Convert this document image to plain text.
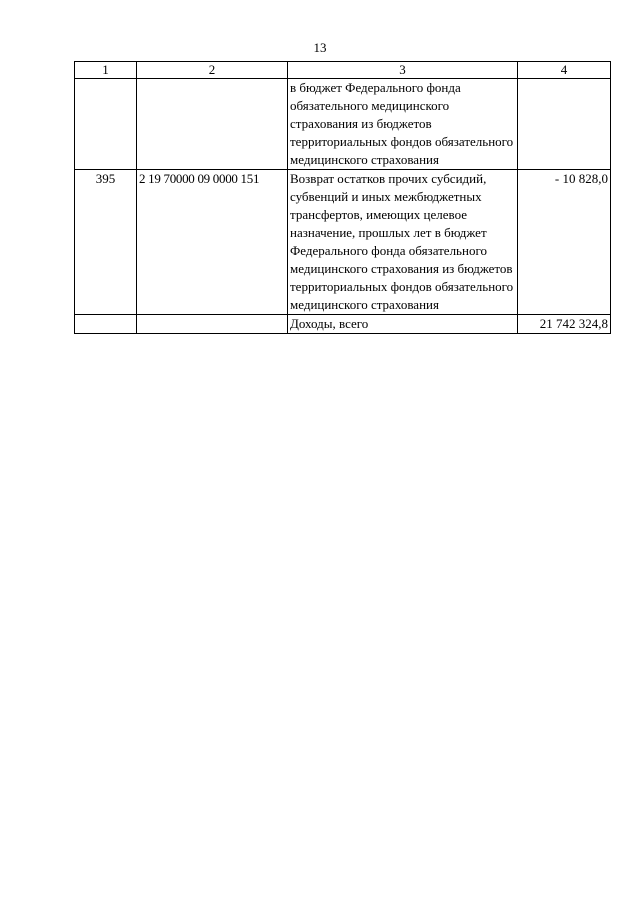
13
1	2	3	4
		в бюджет Федерального фонда обязательного медицинского страхования из бюджетов территориальных фондов обязательного медицинского страхования	
395	2 19 70000 09 0000 151	Возврат остатков прочих субсидий, субвенций и иных межбюджетных трансфертов, имеющих целевое назначение, прошлых лет в бюджет Федерального фонда обязательного медицинского страхования из бюджетов территориальных фондов обязательного медицинского страхования	- 10 828,0
		Доходы, всего	21 742 324,8
